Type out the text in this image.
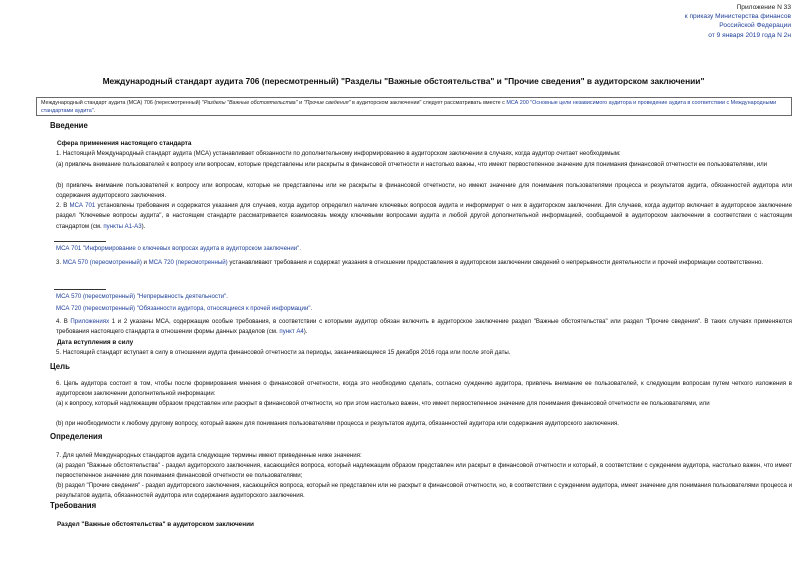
Приложение N 33
к приказу Министерства финансов
Российской Федерации
от 9 января 2019 года N 2н
Международный стандарт аудита 706 (пересмотренный) "Разделы "Важные обстоятельства" и "Прочие сведения" в аудиторском заключении"
Международный стандарт аудита (МСА) 706 (пересмотренный) "Разделы "Важные обстоятельства" и "Прочие сведения" в аудиторском заключении" следует рассматривать вместе с МСА 200 "Основные цели независимого аудитора и проведение аудита в соответствии с Международными стандартами аудита".
Введение
Сфера применения настоящего стандарта
1. Настоящий Международный стандарт аудита (МСА) устанавливает обязанности по дополнительному информированию в аудиторском заключении в случаях, когда аудитор считает необходимым:
(a) привлечь внимание пользователей к вопросу или вопросам, которые представлены или раскрыты в финансовой отчетности и настолько важны, что имеют первостепенное значение для понимания финансовой отчетности ее пользователями, или
(b) привлечь внимание пользователей к вопросу или вопросам, которые не представлены или не раскрыты в финансовой отчетности, но имеют значение для понимания пользователями процесса и результатов аудита, обязанностей аудитора или содержания аудиторского заключения.
2. В МСА 701 установлены требования и содержатся указания для случаев, когда аудитор определил наличие ключевых вопросов аудита и информирует о них в аудиторском заключении. Для случаев, когда аудитор включает в аудиторское заключение раздел "Ключевые вопросы аудита", в настоящем стандарте рассматривается взаимосвязь между ключевыми вопросами аудита и любой другой дополнительной информацией, сообщаемой в аудиторском заключении в соответствии с настоящим стандартом (см. пункты A1-A3).
МСА 701 "Информирование о ключевых вопросах аудита в аудиторском заключении".
3. МСА 570 (пересмотренный) и МСА 720 (пересмотренный) устанавливают требования и содержат указания в отношении предоставления в аудиторском заключении сведений о непрерывности деятельности и прочей информации соответственно.
МСА 570 (пересмотренный) "Непрерывность деятельности".
МСА 720 (пересмотренный) "Обязанности аудитора, относящиеся к прочей информации".
4. В Приложениях 1 и 2 указаны МСА, содержащие особые требования, в соответствии с которыми аудитор обязан включить в аудиторское заключение раздел "Важные обстоятельства" или раздел "Прочие сведения". В таких случаях применяются требования настоящего стандарта в отношении формы данных разделов (см. пункт A4).
Дата вступления в силу
5. Настоящий стандарт вступает в силу в отношении аудита финансовой отчетности за периоды, заканчивающиеся 15 декабря 2016 года или после этой даты.
Цель
6. Цель аудитора состоит в том, чтобы после формирования мнения о финансовой отчетности, когда это необходимо сделать, согласно суждению аудитора, привлечь внимание ее пользователей, к следующим вопросам путем четкого изложения в аудиторском заключении дополнительной информации:
(a) к вопросу, который надлежащим образом представлен или раскрыт в финансовой отчетности, но при этом настолько важен, что имеет первостепенное значение для понимания финансовой отчетности ее пользователями, или
(b) при необходимости к любому другому вопросу, который важен для понимания пользователями процесса и результатов аудита, обязанностей аудитора или содержания аудиторского заключения.
Определения
7. Для целей Международных стандартов аудита следующие термины имеют приведенные ниже значения:
(a) раздел "Важные обстоятельства" - раздел аудиторского заключения, касающийся вопроса, который надлежащим образом представлен или раскрыт в финансовой отчетности и который, в соответствии с суждением аудитора, настолько важен, что имеет первостепенное значение для понимания финансовой отчетности ее пользователями;
(b) раздел "Прочие сведения" - раздел аудиторского заключения, касающийся вопроса, который не представлен или не раскрыт в финансовой отчетности, но, в соответствии с суждением аудитора, имеет значение для понимания пользователями процесса и результатов аудита, обязанностей аудитора или содержания аудиторского заключения.
Требования
Раздел "Важные обстоятельства" в аудиторском заключении
